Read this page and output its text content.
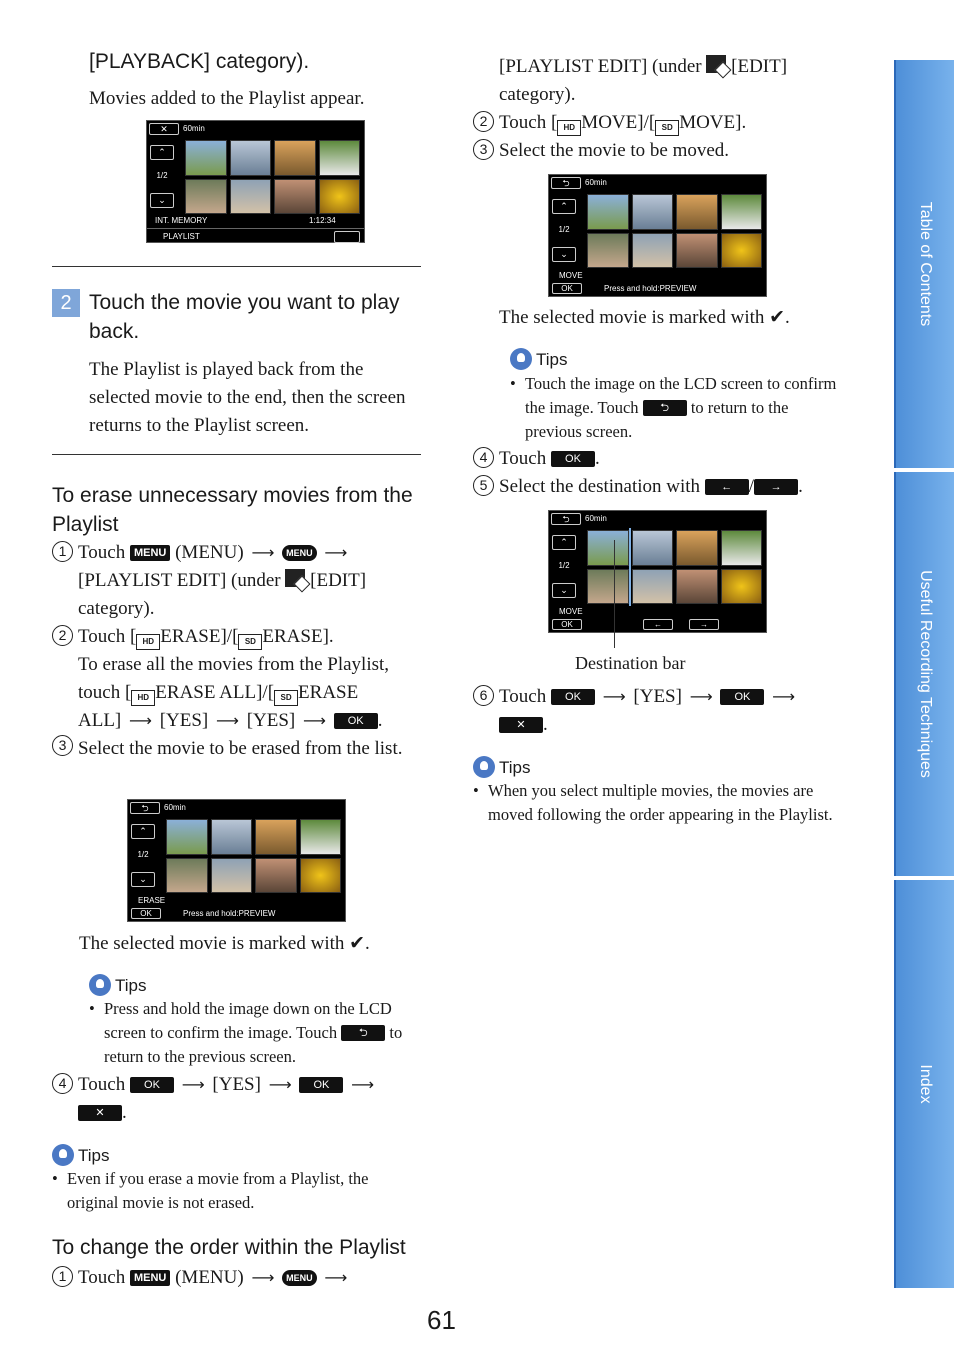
[PLAYBACK] category).
Movies added to the Playlist appear.
✕	60min
⌃
1/2
⌄
INT. MEMORY	1:12:34
PLAYLIST
2 Touch the movie you want to play back.
The Playlist is played back from the selected movie to the end, then the screen returns to the Playlist screen.
To erase unnecessary movies from the Playlist
1 Touch MENU (MENU) ⟶ MENU ⟶
[PLAYLIST EDIT] (under [EDIT]
category).
2 Touch [ HD ERASE]/[ SD ERASE].
To erase all the movies from the Playlist,
touch [ HD ERASE ALL]/[ SD ERASE
ALL] ⟶ [YES] ⟶ [YES] ⟶ OK .
3 Select the movie to be erased from the list.
⮌	60min
⌃
1/2
⌄
ERASE
OK	Press and hold:PREVIEW
The selected movie is marked with ✔.
Tips
• Press and hold the image down on the LCD screen to confirm the image. Touch ⮌ to return to the previous screen.
4 Touch OK ⟶ [YES] ⟶ OK ⟶
✕ .
Tips
• Even if you erase a movie from a Playlist, the original movie is not erased.
To change the order within the Playlist
1 Touch MENU (MENU) ⟶ MENU ⟶
[PLAYLIST EDIT] (under [EDIT]
category).
2 Touch [ HD MOVE]/[ SD MOVE].
3 Select the movie to be moved.
⮌	60min
⌃
1/2
⌄
MOVE
OK	Press and hold:PREVIEW
The selected movie is marked with ✔.
Tips
• Touch the image on the LCD screen to confirm the image. Touch ⮌ to return to the previous screen.
4 Touch OK .
5 Select the destination with ← / → .
⮌	60min
⌃
1/2
⌄
MOVE
OK	←	→
Destination bar
6 Touch OK ⟶ [YES] ⟶ OK ⟶
✕ .
Tips
• When you select multiple movies, the movies are moved following the order appearing in the Playlist.
Table of Contents
Useful Recording Techniques
Index
61
